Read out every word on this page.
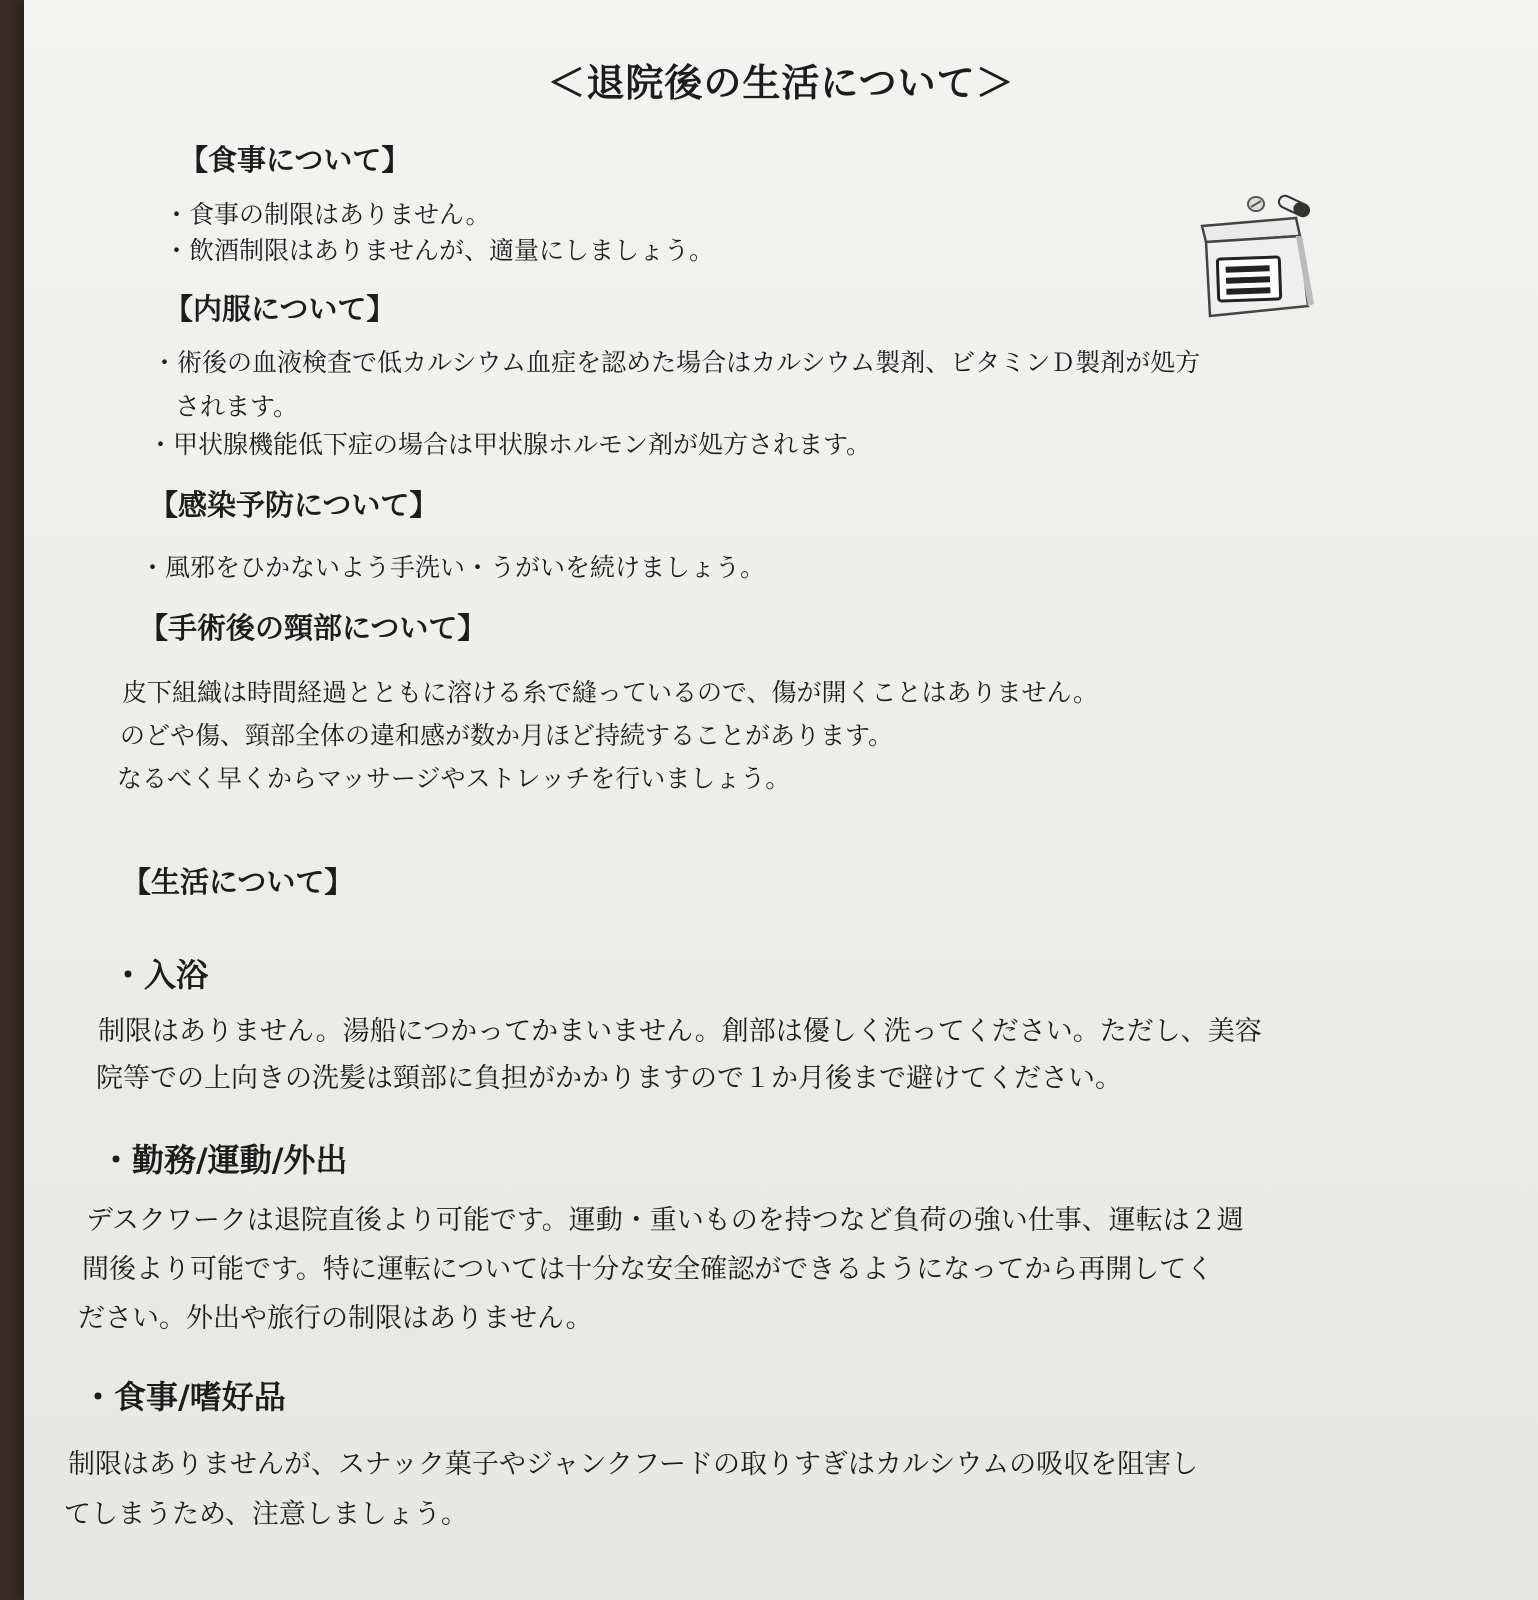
＜退院後の生活について＞
【食事について】
・食事の制限はありません。
・飲酒制限はありませんが、適量にしましょう。
【内服について】
・術後の血液検査で低カルシウム血症を認めた場合はカルシウム製剤、ビタミンＤ製剤が処方
されます。
・甲状腺機能低下症の場合は甲状腺ホルモン剤が処方されます。
【感染予防について】
・風邪をひかないよう手洗い・うがいを続けましょう。
【手術後の頸部について】
皮下組織は時間経過とともに溶ける糸で縫っているので、傷が開くことはありません。
のどや傷、頸部全体の違和感が数か月ほど持続することがあります。
なるべく早くからマッサージやストレッチを行いましょう。
【生活について】
・入浴
制限はありません。湯船につかってかまいません。創部は優しく洗ってください。ただし、美容
院等での上向きの洗髪は頸部に負担がかかりますので１か月後まで避けてください。
・勤務/運動/外出
デスクワークは退院直後より可能です。運動・重いものを持つなど負荷の強い仕事、運転は２週
間後より可能です。特に運転については十分な安全確認ができるようになってから再開してく
ださい。外出や旅行の制限はありません。
・食事/嗜好品
制限はありませんが、スナック菓子やジャンクフードの取りすぎはカルシウムの吸収を阻害し
てしまうため、注意しましょう。
